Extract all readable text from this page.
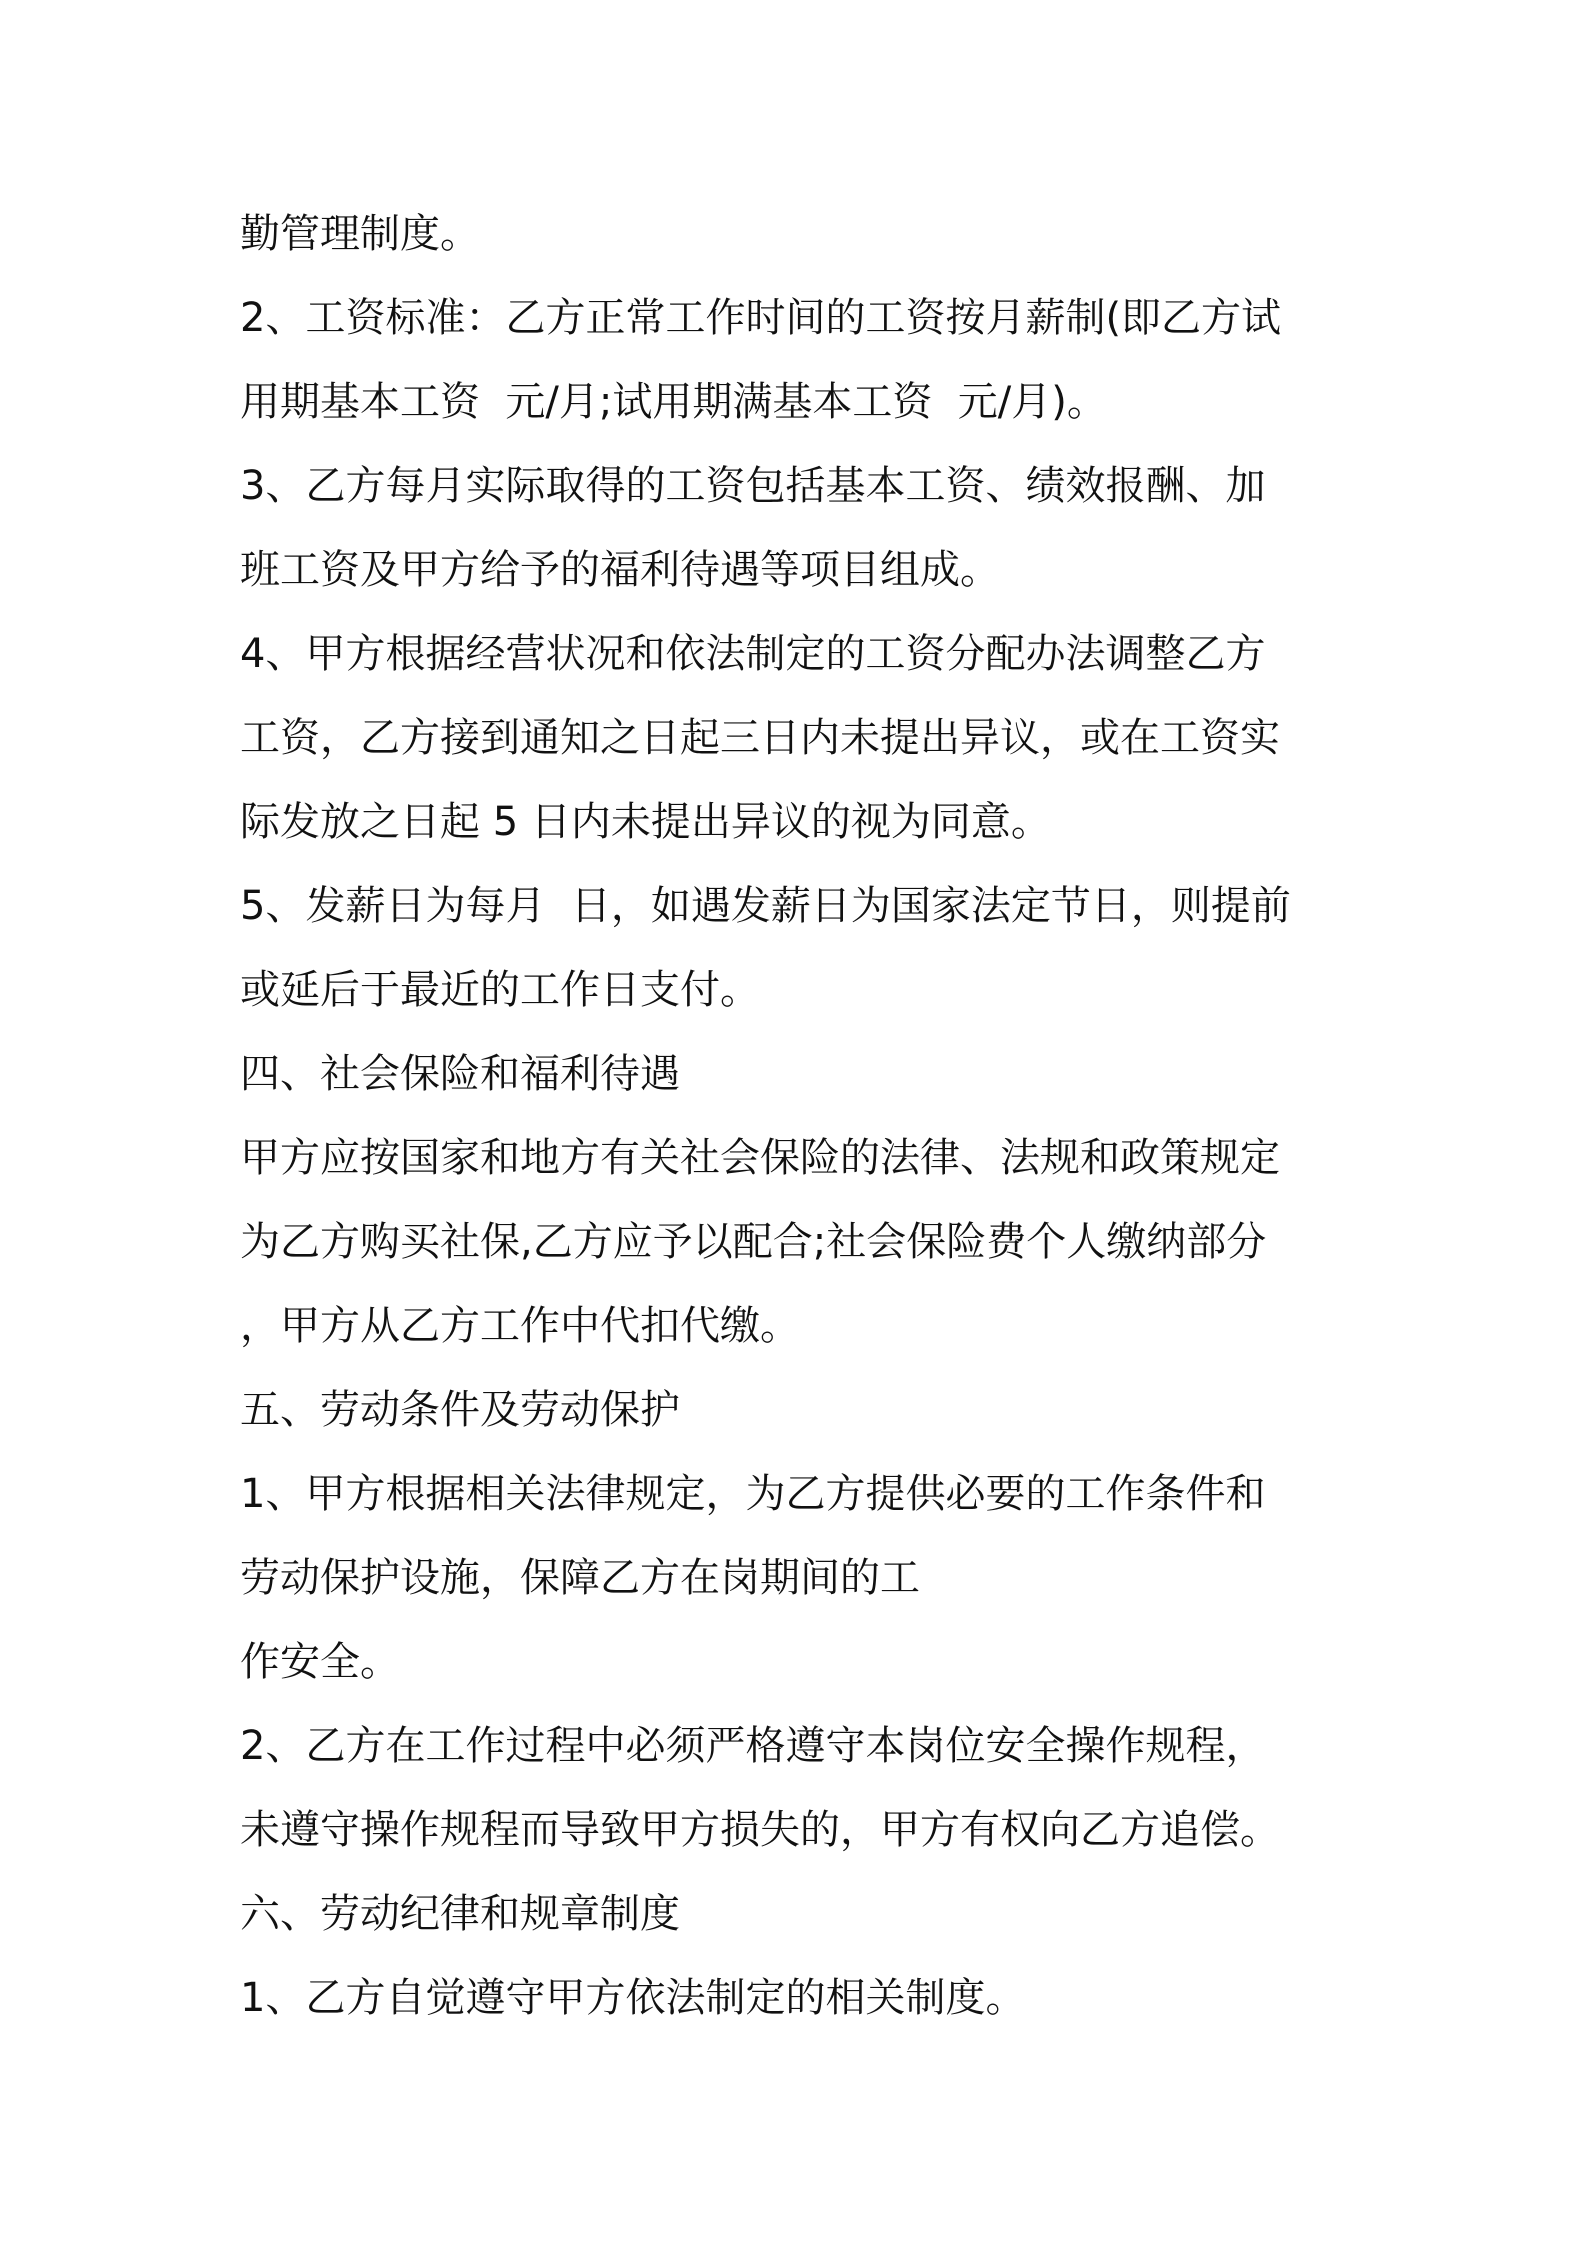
勤管理制度。
2、工资标准：乙方正常工作时间的工资按月薪制(即乙方试
用期基本工资  元/月;试用期满基本工资  元/月)。
3、乙方每月实际取得的工资包括基本工资、绩效报酬、加
班工资及甲方给予的福利待遇等项目组成。
4、甲方根据经营状况和依法制定的工资分配办法调整乙方
工资，乙方接到通知之日起三日内未提出异议，或在工资实
际发放之日起 5 日内未提出异议的视为同意。
5、发薪日为每月  日，如遇发薪日为国家法定节日，则提前
或延后于最近的工作日支付。
四、社会保险和福利待遇
甲方应按国家和地方有关社会保险的法律、法规和政策规定
为乙方购买社保,乙方应予以配合;社会保险费个人缴纳部分
，甲方从乙方工作中代扣代缴。
五、劳动条件及劳动保护
1、甲方根据相关法律规定，为乙方提供必要的工作条件和
劳动保护设施，保障乙方在岗期间的工
作安全。
2、乙方在工作过程中必须严格遵守本岗位安全操作规程，
未遵守操作规程而导致甲方损失的，甲方有权向乙方追偿。
六、劳动纪律和规章制度
1、乙方自觉遵守甲方依法制定的相关制度。
